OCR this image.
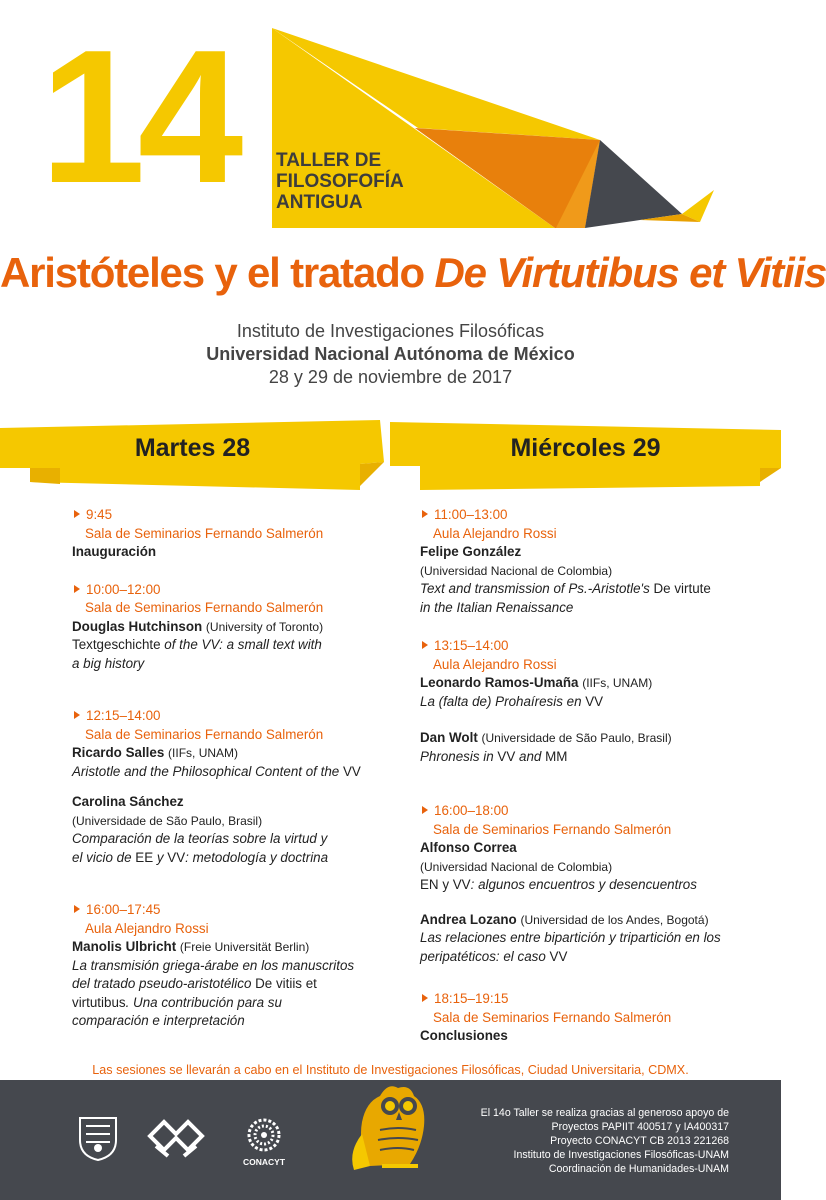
14 o
TALLER DE
FILOSOFOFÍA
ANTIGUA
Aristóteles y el tratado De Virtutibus et Vitiis
Instituto de Investigaciones Filosóficas
Universidad Nacional Autónoma de México
28 y 29 de noviembre de 2017
Martes 28	Miércoles 29
9:45
Sala de Seminarios Fernando Salmerón
Inauguración
10:00–12:00
Sala de Seminarios Fernando Salmerón
Douglas Hutchinson (University of Toronto)
Textgeschichte of the VV: a small text with
a big history
12:15–14:00
Sala de Seminarios Fernando Salmerón
Ricardo Salles (IIFs, UNAM)
Aristotle and the Philosophical Content of the VV
Carolina Sánchez
(Universidade de São Paulo, Brasil)
Comparación de la teorías sobre la virtud y
el vicio de EE y VV: metodología y doctrina
16:00–17:45
Aula Alejandro Rossi
Manolis Ulbricht (Freie Universität Berlin)
La transmisión griega-árabe en los manuscritos
del tratado pseudo-aristotélico De vitiis et
virtutibus. Una contribución para su
comparación e interpretación
11:00–13:00
Aula Alejandro Rossi
Felipe González
(Universidad Nacional de Colombia)
Text and transmission of Ps.-Aristotle's De virtute
in the Italian Renaissance
13:15–14:00
Aula Alejandro Rossi
Leonardo Ramos-Umaña (IIFs, UNAM)
La (falta de) Prohaíresis en VV
Dan Wolt (Universidade de São Paulo, Brasil)
Phronesis in VV and MM
16:00–18:00
Sala de Seminarios Fernando Salmerón
Alfonso Correa
(Universidad Nacional de Colombia)
EN y VV: algunos encuentros y desencuentros
Andrea Lozano (Universidad de los Andes, Bogotá)
Las relaciones entre bipartición y tripartición en los
peripatéticos: el caso VV
18:15–19:15
Sala de Seminarios Fernando Salmerón
Conclusiones
Las sesiones se llevarán a cabo en el Instituto de Investigaciones Filosóficas, Ciudad Universitaria, CDMX.
CONACYT
El 14o Taller se realiza gracias al generoso apoyo de
Proyectos PAPIIT 400517 y IA400317
Proyecto CONACYT CB 2013 221268
Instituto de Investigaciones Filosóficas-UNAM
Coordinación de Humanidades-UNAM
